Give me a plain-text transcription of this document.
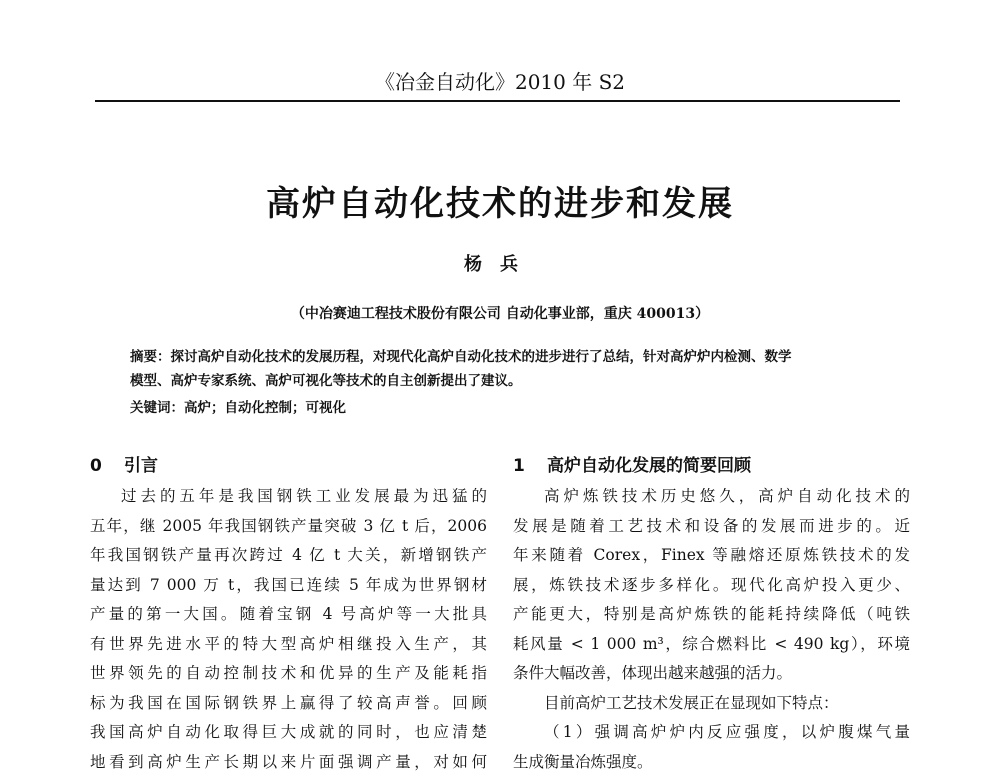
《冶金自动化》2010 年 S2
高炉自动化技术的进步和发展
杨兵
（中冶赛迪工程技术股份有限公司 自动化事业部，重庆 400013）
摘要：探讨高炉自动化技术的发展历程，对现代化高炉自动化技术的进步进行了总结，针对高炉炉内检测、数学
模型、高炉专家系统、高炉可视化等技术的自主创新提出了建议。
关键词：高炉；自动化控制；可视化
0 引言
过去的五年是我国钢铁工业发展最为迅猛的
五年，继 2005 年我国钢铁产量突破 3 亿 t 后，2006
年我国钢铁产量再次跨过 4 亿 t 大关，新增钢铁产
量达到 7 000 万 t，我国已连续 5 年成为世界钢材
产量的第一大国。随着宝钢 4 号高炉等一大批具
有世界先进水平的特大型高炉相继投入生产，其
世界领先的自动控制技术和优异的生产及能耗指
标为我国在国际钢铁界上赢得了较高声誉。回顾
我国高炉自动化取得巨大成就的同时，也应清楚
地看到高炉生产长期以来片面强调产量，对如何
1 高炉自动化发展的简要回顾
高炉炼铁技术历史悠久，高炉自动化技术的
发展是随着工艺技术和设备的发展而进步的。近
年来随着 Corex，Finex 等融熔还原炼铁技术的发
展，炼铁技术逐步多样化。现代化高炉投入更少、
产能更大，特别是高炉炼铁的能耗持续降低（吨铁
耗风量 < 1 000 m³，综合燃料比 < 490 kg），环境
条件大幅改善，体现出越来越强的活力。
目前高炉工艺技术发展正在显现如下特点：
（1）强调高炉炉内反应强度，以炉腹煤气量
生成衡量冶炼强度。
